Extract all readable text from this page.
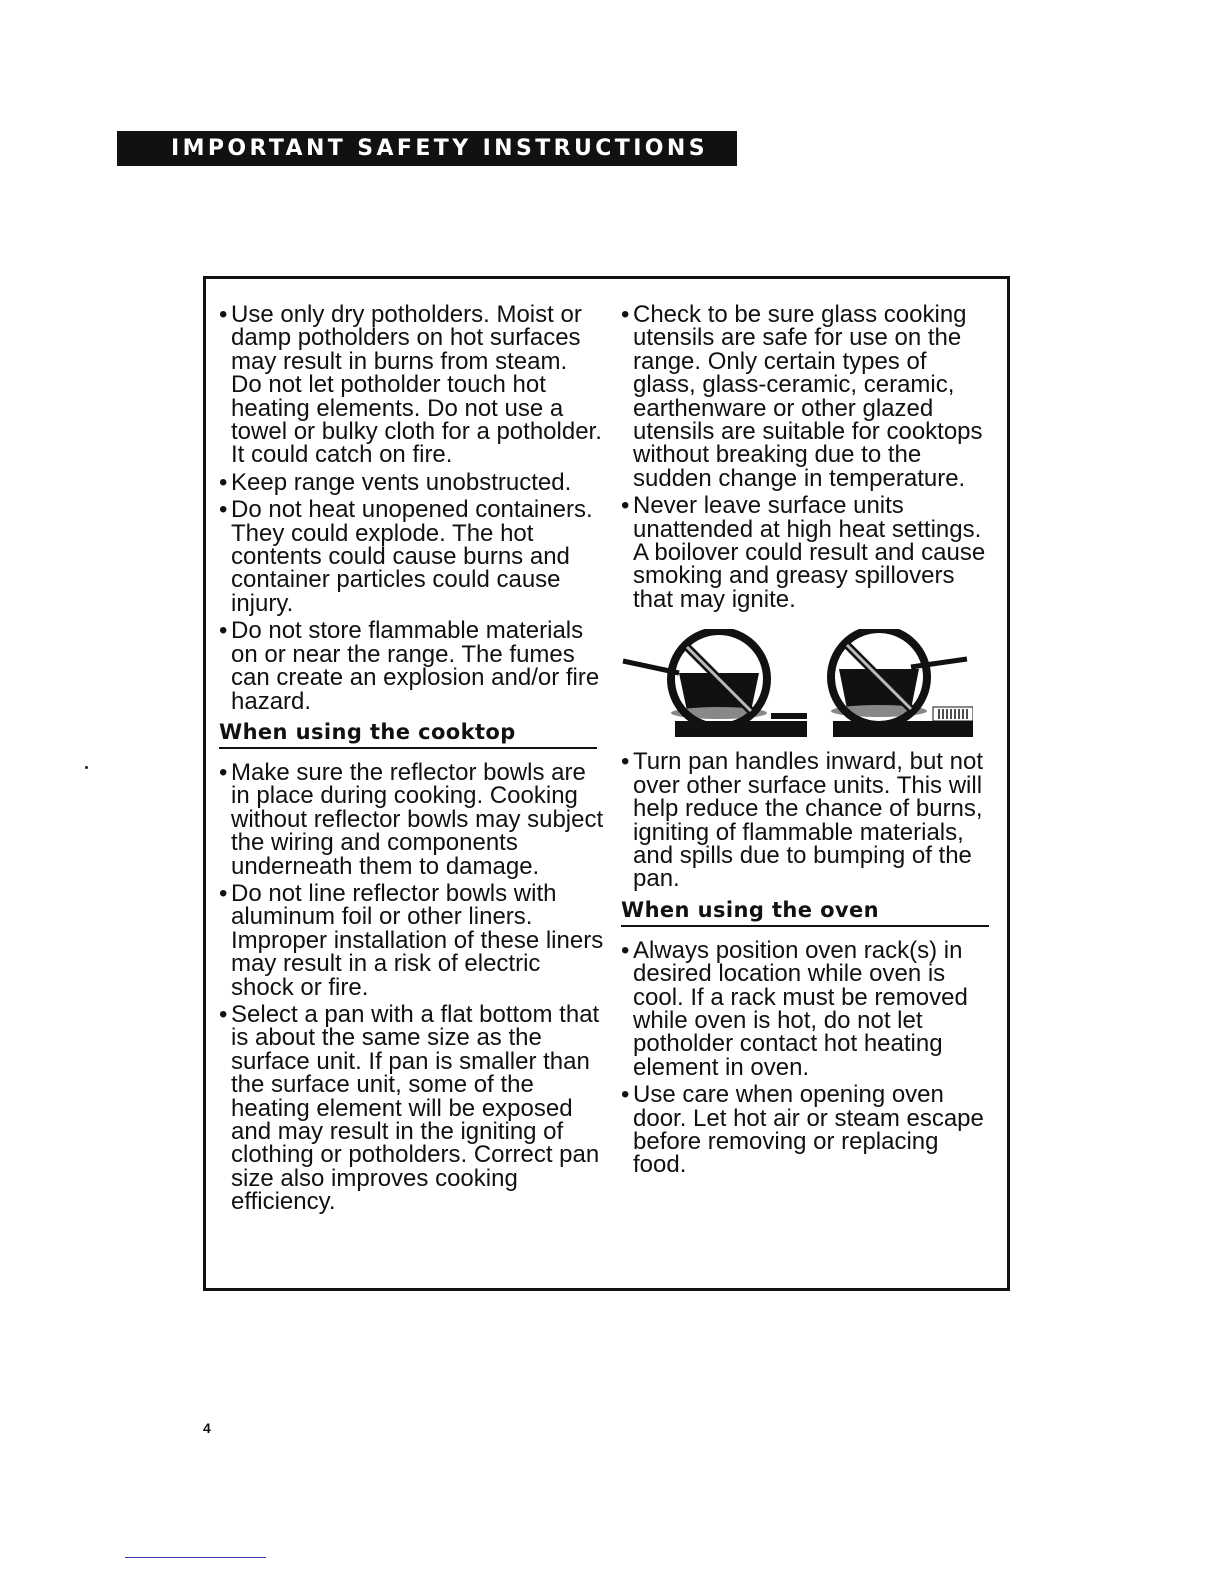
IMPORTANT SAFETY INSTRUCTIONS
• Use only dry potholders. Moist or damp potholders on hot surfaces may result in burns from steam. Do not let potholder touch hot heating elements. Do not use a towel or bulky cloth for a potholder. It could catch on fire.
• Keep range vents unobstructed.
• Do not heat unopened containers. They could explode. The hot contents could cause burns and container particles could cause injury.
• Do not store flammable materials on or near the range. The fumes can create an explosion and/or fire hazard.
When using the cooktop
• Make sure the reflector bowls are in place during cooking. Cooking without reflector bowls may subject the wiring and components underneath them to damage.
• Do not line reflector bowls with aluminum foil or other liners. Improper installation of these liners may result in a risk of electric shock or fire.
• Select a pan with a flat bottom that is about the same size as the surface unit. If pan is smaller than the surface unit, some of the heating element will be exposed and may result in the igniting of clothing or potholders. Correct pan size also improves cooking efficiency.
• Check to be sure glass cooking utensils are safe for use on the range. Only certain types of glass, glass-ceramic, ceramic, earthenware or other glazed utensils are suitable for cooktops without breaking due to the sudden change in temperature.
• Never leave surface units unattended at high heat settings. A boilover could result and cause smoking and greasy spillovers that may ignite.
• Turn pan handles inward, but not over other surface units. This will help reduce the chance of burns, igniting of flammable materials, and spills due to bumping of the pan.
When using the oven
• Always position oven rack(s) in desired location while oven is cool. If a rack must be removed while oven is hot, do not let potholder contact hot heating element in oven.
• Use care when opening oven door. Let hot air or steam escape before removing or replacing food.
4
